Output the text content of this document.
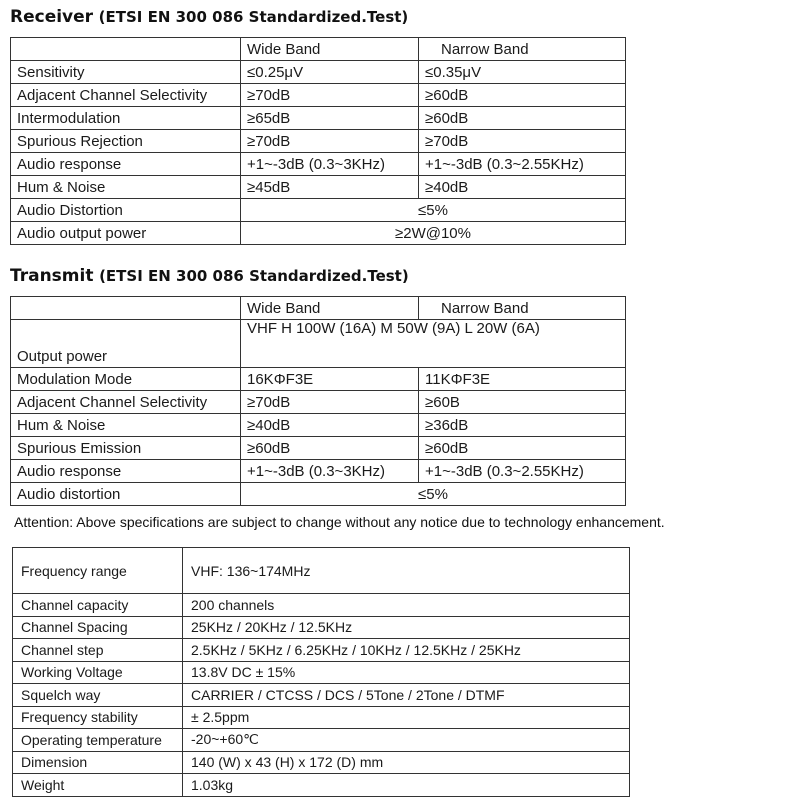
Receiver (ETSI EN 300 086 Standardized.Test)
	Wide Band	Narrow Band
Sensitivity	≤0.25μV	≤0.35μV
Adjacent Channel Selectivity	≥70dB	≥60dB
Intermodulation	≥65dB	≥60dB
Spurious Rejection	≥70dB	≥70dB
Audio response	+1~-3dB (0.3~3KHz)	+1~-3dB (0.3~2.55KHz)
Hum & Noise	≥45dB	≥40dB
Audio Distortion	≤5%	
Audio output power	≥2W@10%	
Transmit (ETSI EN 300 086 Standardized.Test)
	Wide Band	Narrow Band
Output power	VHF H 100W (16A) M 50W (9A) L 20W (6A)	
Modulation Mode	16KΦF3E	11KΦF3E
Adjacent Channel Selectivity	≥70dB	≥60B
Hum & Noise	≥40dB	≥36dB
Spurious Emission	≥60dB	≥60dB
Audio response	+1~-3dB (0.3~3KHz)	+1~-3dB (0.3~2.55KHz)
Audio distortion	≤5%	

Attention: Above specifications are subject to change without any notice due to technology enhancement.

Frequency range	VHF: 136~174MHz
Channel capacity	200 channels
Channel Spacing	25KHz / 20KHz / 12.5KHz
Channel step	2.5KHz / 5KHz / 6.25KHz / 10KHz / 12.5KHz / 25KHz
Working Voltage	13.8V DC ± 15%
Squelch way	CARRIER / CTCSS / DCS / 5Tone / 2Tone / DTMF
Frequency stability	± 2.5ppm
Operating temperature	-20~+60℃
Dimension	140 (W) x 43 (H) x 172 (D) mm
Weight	1.03kg
